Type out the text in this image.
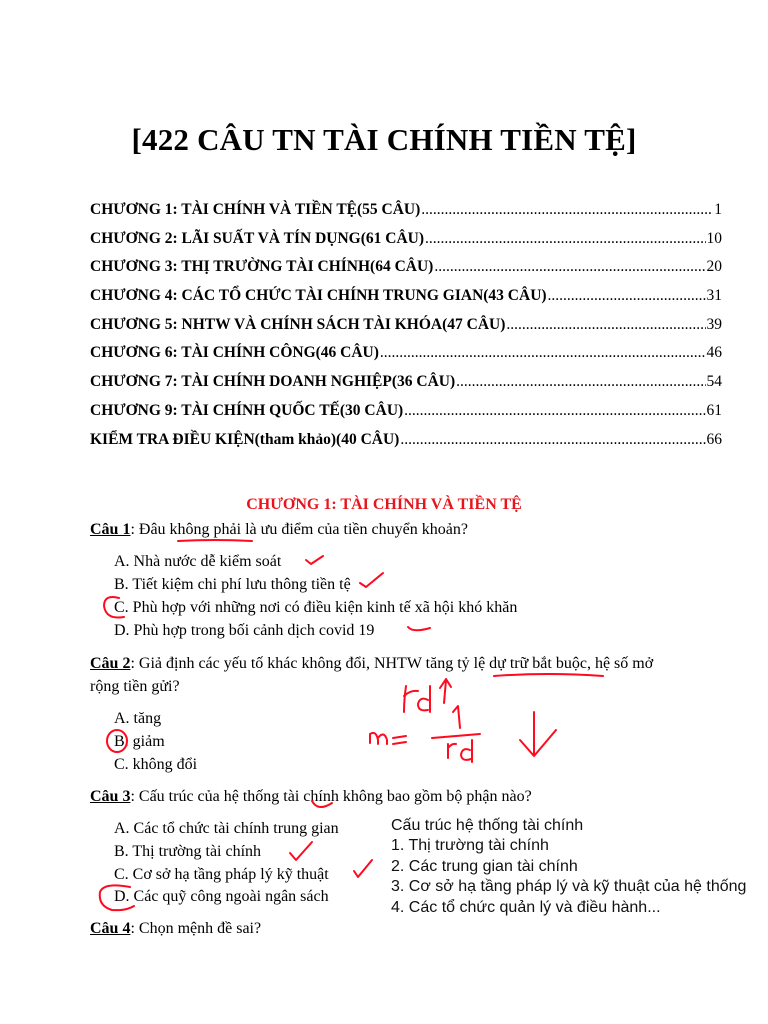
[422 CÂU TN TÀI CHÍNH TIỀN TỆ]
CHƯƠNG 1: TÀI CHÍNH VÀ TIỀN TỆ(55 CÂU) .....	1
CHƯƠNG 2: LÃI SUẤT VÀ TÍN DỤNG(61 CÂU) .....	10
CHƯƠNG 3: THỊ TRƯỜNG TÀI CHÍNH(64 CÂU) .....	20
CHƯƠNG 4: CÁC TỔ CHỨC TÀI CHÍNH TRUNG GIAN(43 CÂU) .....	31
CHƯƠNG 5: NHTW VÀ CHÍNH SÁCH TÀI KHÓA(47 CÂU) .....	39
CHƯƠNG 6: TÀI CHÍNH CÔNG(46 CÂU) .....	46
CHƯƠNG 7: TÀI CHÍNH DOANH NGHIỆP(36 CÂU) .....	54
CHƯƠNG 9: TÀI CHÍNH QUỐC TẾ(30 CÂU) .....	61
KIỂM TRA ĐIỀU KIỆN(tham khảo)(40 CÂU) .....	66
CHƯƠNG 1: TÀI CHÍNH VÀ TIỀN TỆ
Câu 1: Đâu không phải là ưu điểm của tiền chuyển khoản?
A. Nhà nước dễ kiểm soát
B. Tiết kiệm chi phí lưu thông tiền tệ
C. Phù hợp với những nơi có điều kiện kinh tế xã hội khó khăn
D. Phù hợp trong bối cảnh dịch covid 19
Câu 2: Giả định các yếu tố khác không đổi, NHTW tăng tỷ lệ dự trữ bắt buộc, hệ số mở
rộng tiền gửi?
A. tăng
B. giảm
C. không đổi
Câu 3: Cấu trúc của hệ thống tài chính không bao gồm bộ phận nào?
A. Các tổ chức tài chính trung gian
B. Thị trường tài chính
C. Cơ sở hạ tầng pháp lý kỹ thuật
D. Các quỹ công ngoài ngân sách
Câu 4: Chọn mệnh đề sai?
Cấu trúc hệ thống tài chính
1. Thị trường tài chính
2. Các trung gian tài chính
3. Cơ sở hạ tầng pháp lý và kỹ thuật của hệ thống
4. Các tổ chức quản lý và điều hành...
